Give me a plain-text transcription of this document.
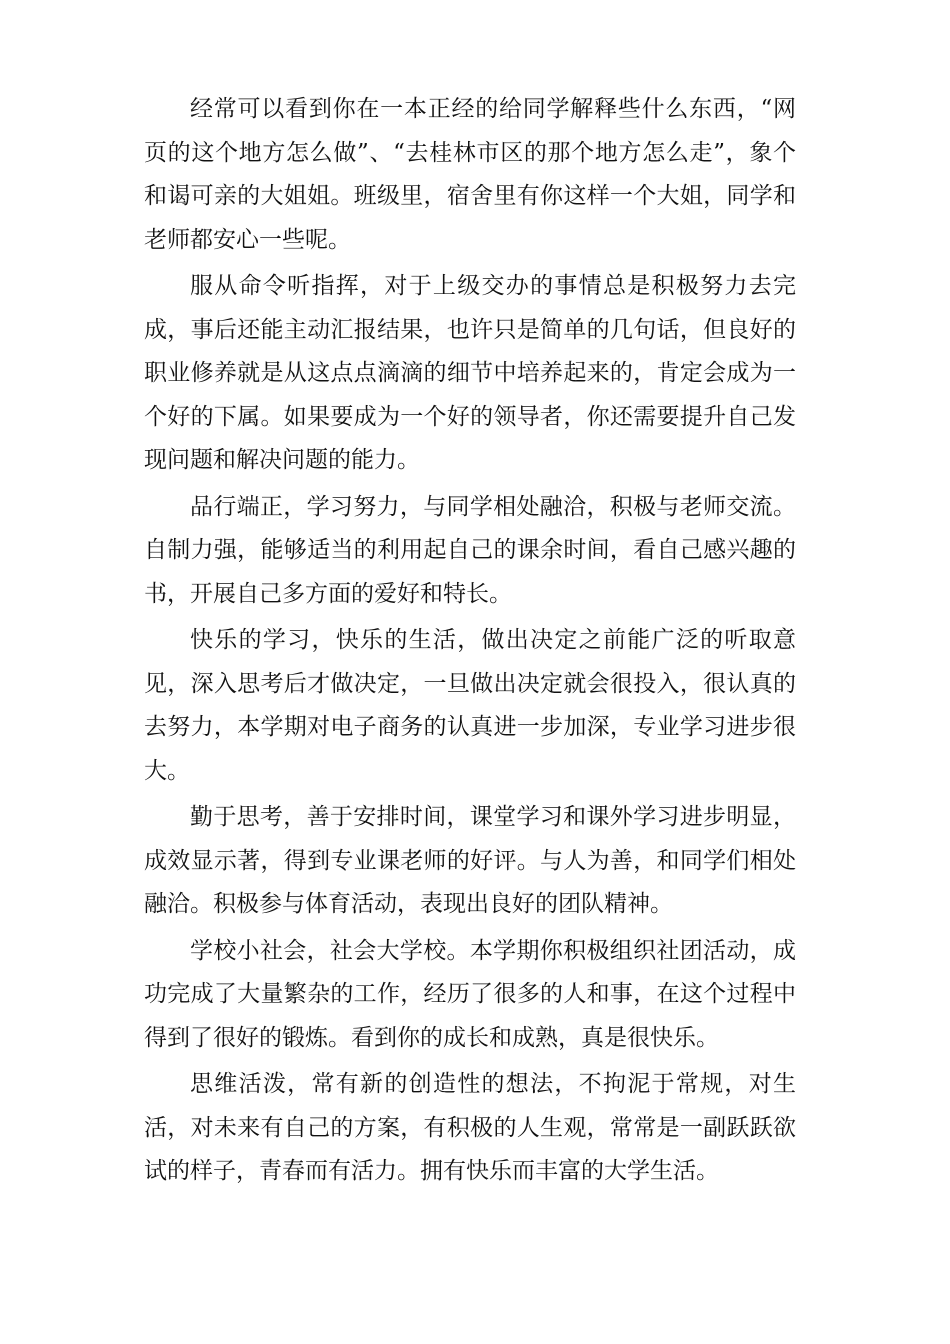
经常可以看到你在一本正经的给同学解释些什么东西，“网页的这个地方怎么做”、“去桂林市区的那个地方怎么走”，象个和谒可亲的大姐姐。班级里，宿舍里有你这样一个大姐，同学和老师都安心一些呢。

服从命令听指挥，对于上级交办的事情总是积极努力去完成，事后还能主动汇报结果，也许只是简单的几句话，但良好的职业修养就是从这点点滴滴的细节中培养起来的，肯定会成为一个好的下属。如果要成为一个好的领导者，你还需要提升自己发现问题和解决问题的能力。

品行端正，学习努力，与同学相处融洽，积极与老师交流。自制力强，能够适当的利用起自己的课余时间，看自己感兴趣的书，开展自己多方面的爱好和特长。

快乐的学习，快乐的生活，做出决定之前能广泛的听取意见，深入思考后才做决定，一旦做出决定就会很投入，很认真的去努力，本学期对电子商务的认真进一步加深，专业学习进步很大。

勤于思考，善于安排时间，课堂学习和课外学习进步明显，成效显示著，得到专业课老师的好评。与人为善，和同学们相处融洽。积极参与体育活动，表现出良好的团队精神。

学校小社会，社会大学校。本学期你积极组织社团活动，成功完成了大量繁杂的工作，经历了很多的人和事，在这个过程中得到了很好的锻炼。看到你的成长和成熟，真是很快乐。

思维活泼，常有新的创造性的想法，不拘泥于常规，对生活，对未来有自己的方案，有积极的人生观，常常是一副跃跃欲试的样子，青春而有活力。拥有快乐而丰富的大学生活。
